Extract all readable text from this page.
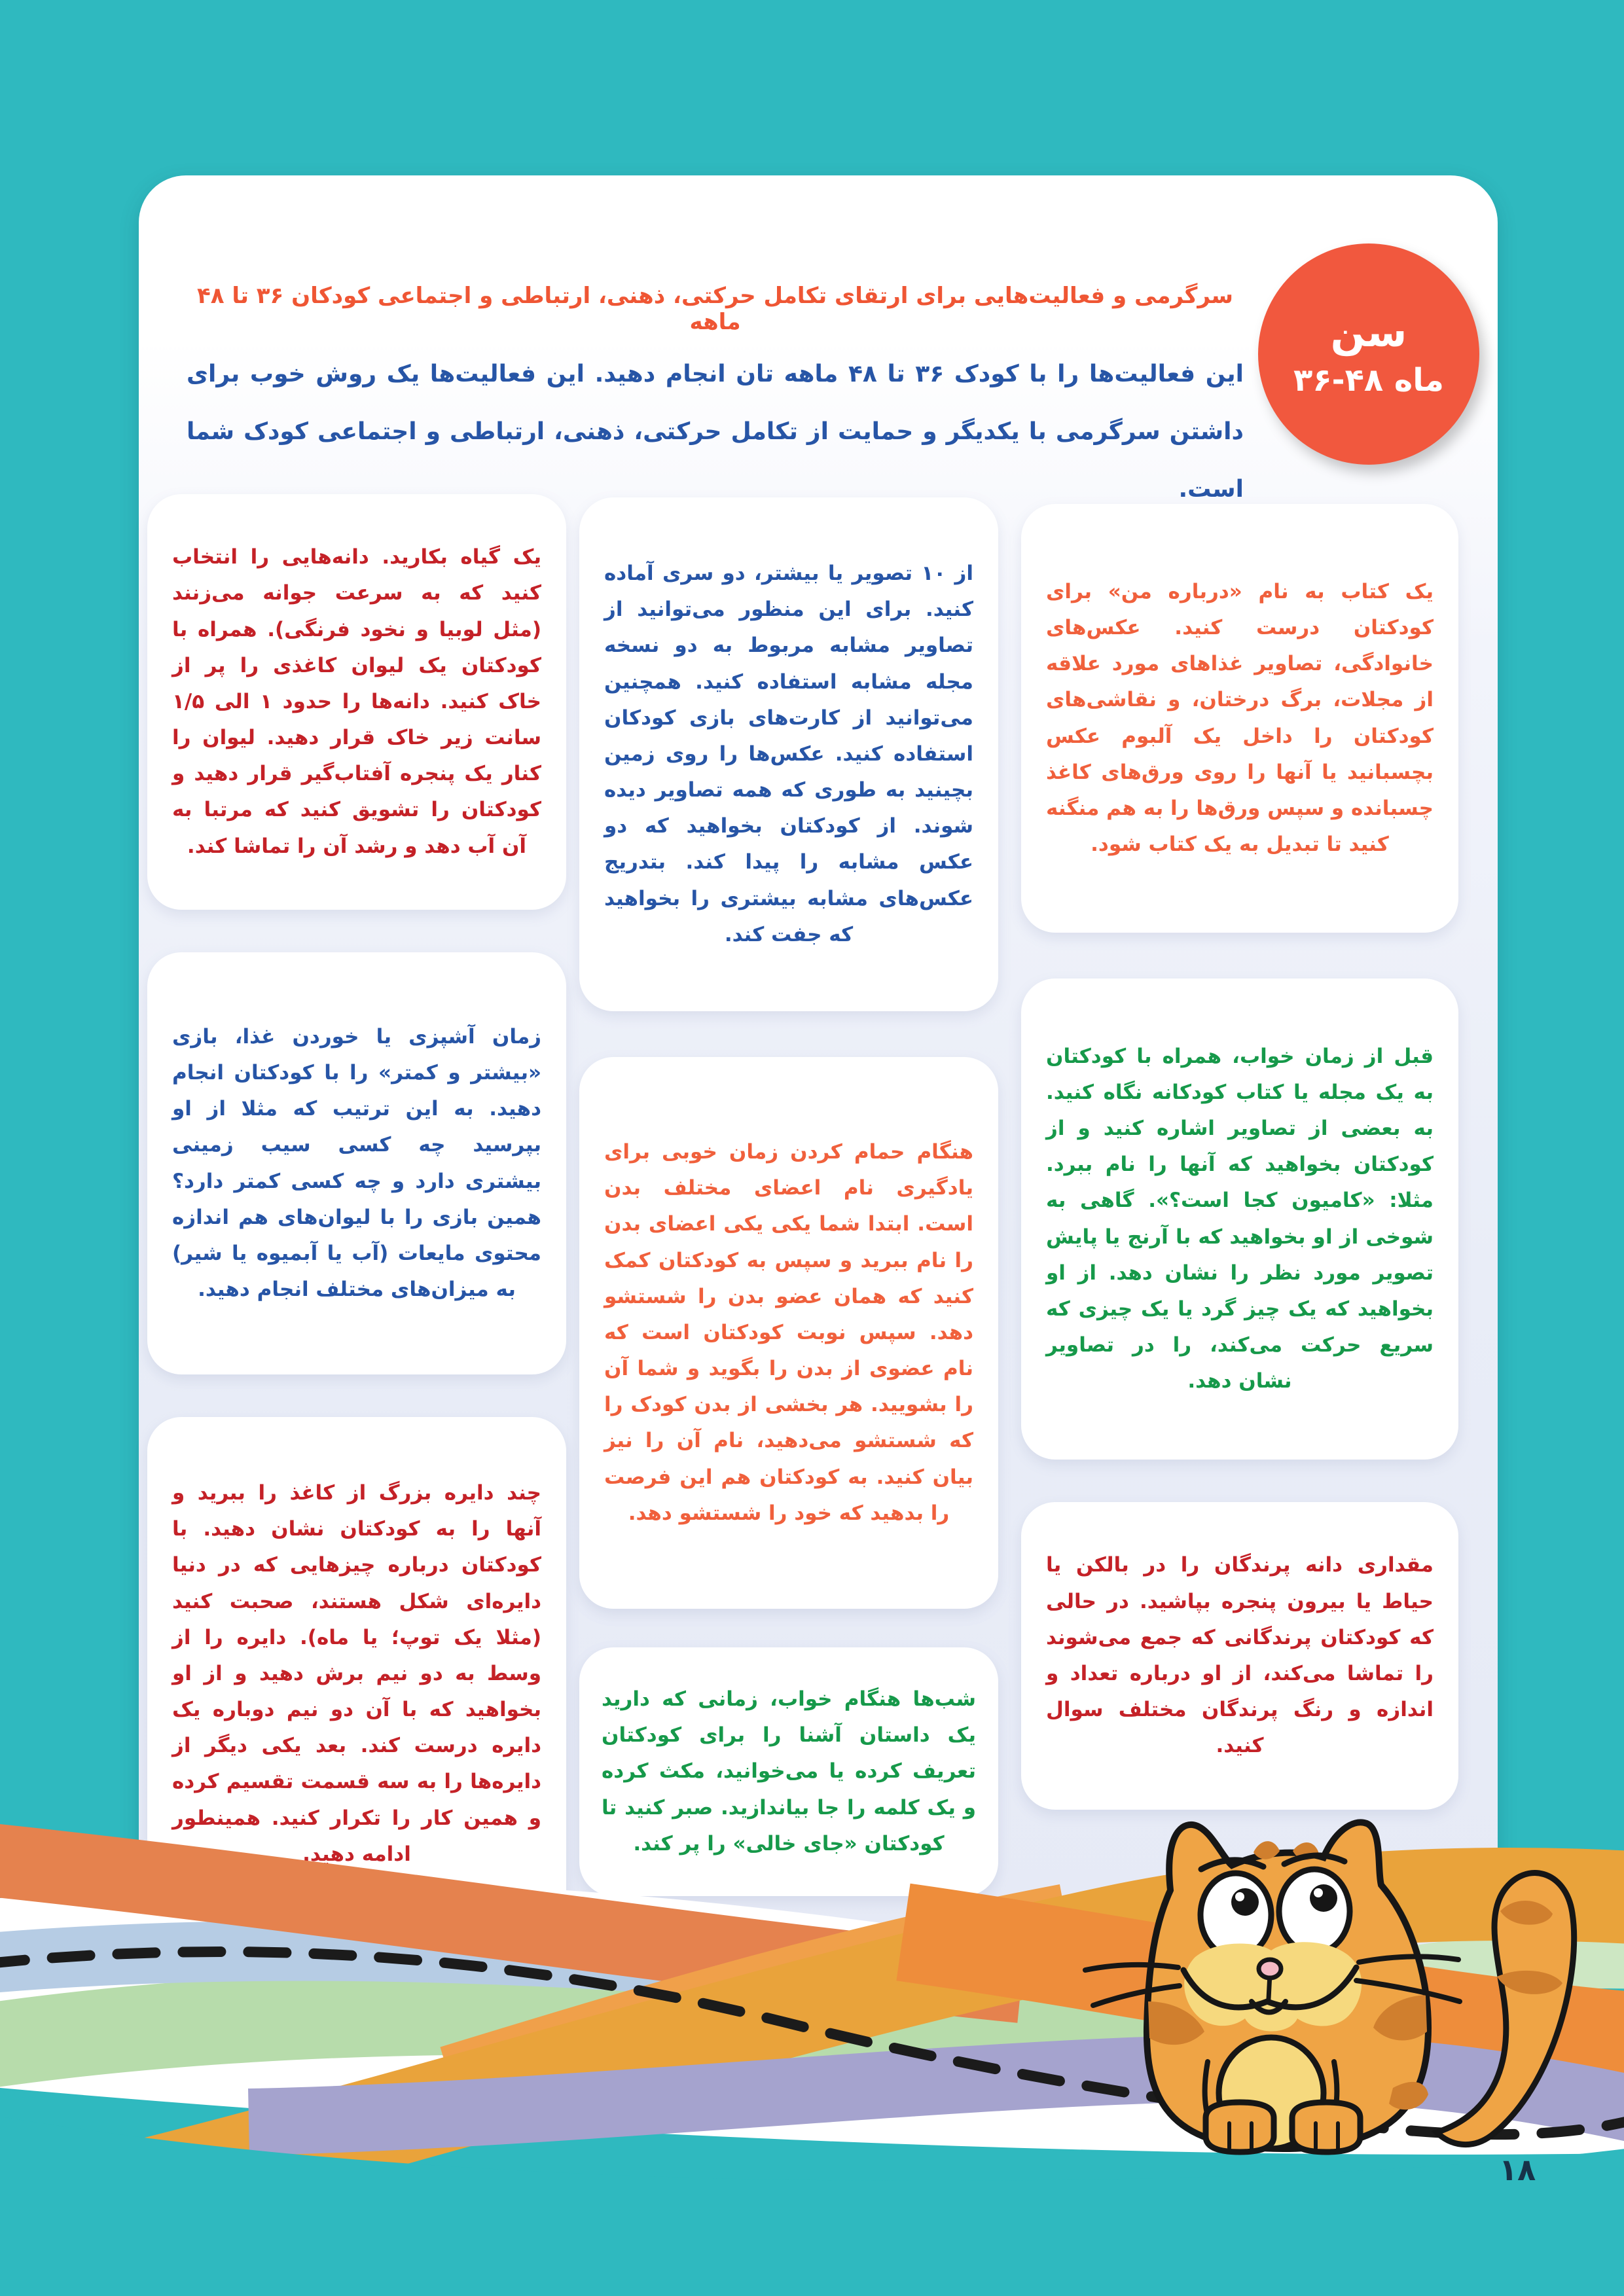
سرگرمی و فعالیت‌هایی برای ارتقای تکامل حرکتی، ذهنی، ارتباطی و اجتماعی کودکان ۳۶ تا ۴۸ ماهه
این فعالیت‌ها را با کودک ۳۶ تا ۴۸ ماهه تان انجام دهید. این فعالیت‌ها یک روش خوب برای داشتن سرگرمی با یکدیگر و حمایت از تکامل حرکتی، ذهنی، ارتباطی و اجتماعی کودک شما است.
سن
۳۶-۴۸ ماه

یک گیاه بکارید. دانه‌هایی را انتخاب کنید که به سرعت جوانه می‌زنند (مثل لوبیا و نخود فرنگی). همراه با کودکتان یک لیوان کاغذی را پر از خاک کنید. دانه‌ها را حدود ۱ الی ۱/۵ سانت زیر خاک قرار دهید. لیوان را کنار یک پنجره آفتاب‌گیر قرار دهید و کودکتان را تشویق کنید که مرتبا به آن آب دهد و رشد آن را تماشا کند.

زمان آشپزی یا خوردن غذا، بازی «بیشتر و کمتر» را با کودکتان انجام دهید. به این ترتیب که مثلا از او بپرسید چه کسی سیب زمینی بیشتری دارد و چه کسی کمتر دارد؟ همین بازی را با لیوان‌های هم اندازه محتوی مایعات (آب یا آبمیوه یا شیر) به میزان‌های مختلف انجام دهید.

چند دایره بزرگ از کاغذ را ببرید و آنها را به کودکتان نشان دهید. با کودکتان درباره چیزهایی که در دنیا دایره‌ای شکل هستند، صحبت کنید (مثلا یک توپ؛ یا ماه). دایره را از وسط به دو نیم برش دهید و از او بخواهید که با آن دو نیم دوباره یک دایره درست کند. بعد یکی دیگر از دایره‌ها را به سه قسمت تقسیم کرده و همین کار را تکرار کنید. همینطور ادامه دهید.

از ۱۰ تصویر یا بیشتر، دو سری آماده کنید. برای این منظور می‌توانید از تصاویر مشابه مربوط به دو نسخه مجله مشابه استفاده کنید. همچنین می‌توانید از کارت‌های بازی کودکان استفاده کنید. عکس‌ها را روی زمین بچینید به طوری که همه تصاویر دیده شوند. از کودکتان بخواهید که دو عکس مشابه را پیدا کند. بتدریج عکس‌های مشابه بیشتری را بخواهید که جفت کند.

هنگام حمام کردن زمان خوبی برای یادگیری نام اعضای مختلف بدن است. ابتدا شما یکی یکی اعضای بدن را نام ببرید و سپس به کودکتان کمک کنید که همان عضو بدن را شستشو دهد. سپس نوبت کودکتان است که نام عضوی از بدن را بگوید و شما آن را بشویید. هر بخشی از بدن کودک را که شستشو می‌دهید، نام آن را نیز بیان کنید. به کودکتان هم این فرصت را بدهید که خود را شستشو دهد.

شب‌ها هنگام خواب، زمانی که دارید یک داستان آشنا را برای کودکتان تعریف کرده یا می‌خوانید، مکث کرده و یک کلمه را جا بیاندازید. صبر کنید تا کودکتان «جای خالی» را پر کند.

یک کتاب به نام «درباره من» برای کودکتان درست کنید. عکس‌های خانوادگی، تصاویر غذاهای مورد علاقه از مجلات، برگ درختان، و نقاشی‌های کودکتان را داخل یک آلبوم عکس بچسبانید یا آنها را روی ورق‌های کاغذ چسبانده و سپس ورق‌ها را به هم منگنه کنید تا تبدیل به یک کتاب شود.

قبل از زمان خواب، همراه با کودکتان به یک مجله یا کتاب کودکانه نگاه کنید. به بعضی از تصاویر اشاره کنید و از کودکتان بخواهید که آنها را نام ببرد. مثلا: «کامیون کجا است؟». گاهی به شوخی از او بخواهید که با آرنج یا پایش تصویر مورد نظر را نشان دهد. از او بخواهید که یک چیز گرد یا یک چیزی که سریع حرکت می‌کند، را در تصاویر نشان دهد.

مقداری دانه پرندگان را در بالکن یا حیاط یا بیرون پنجره بپاشید. در حالی که کودکتان پرندگانی که جمع می‌شوند را تماشا می‌کند، از او درباره تعداد و اندازه و رنگ پرندگان مختلف سوال کنید.

۱۸
